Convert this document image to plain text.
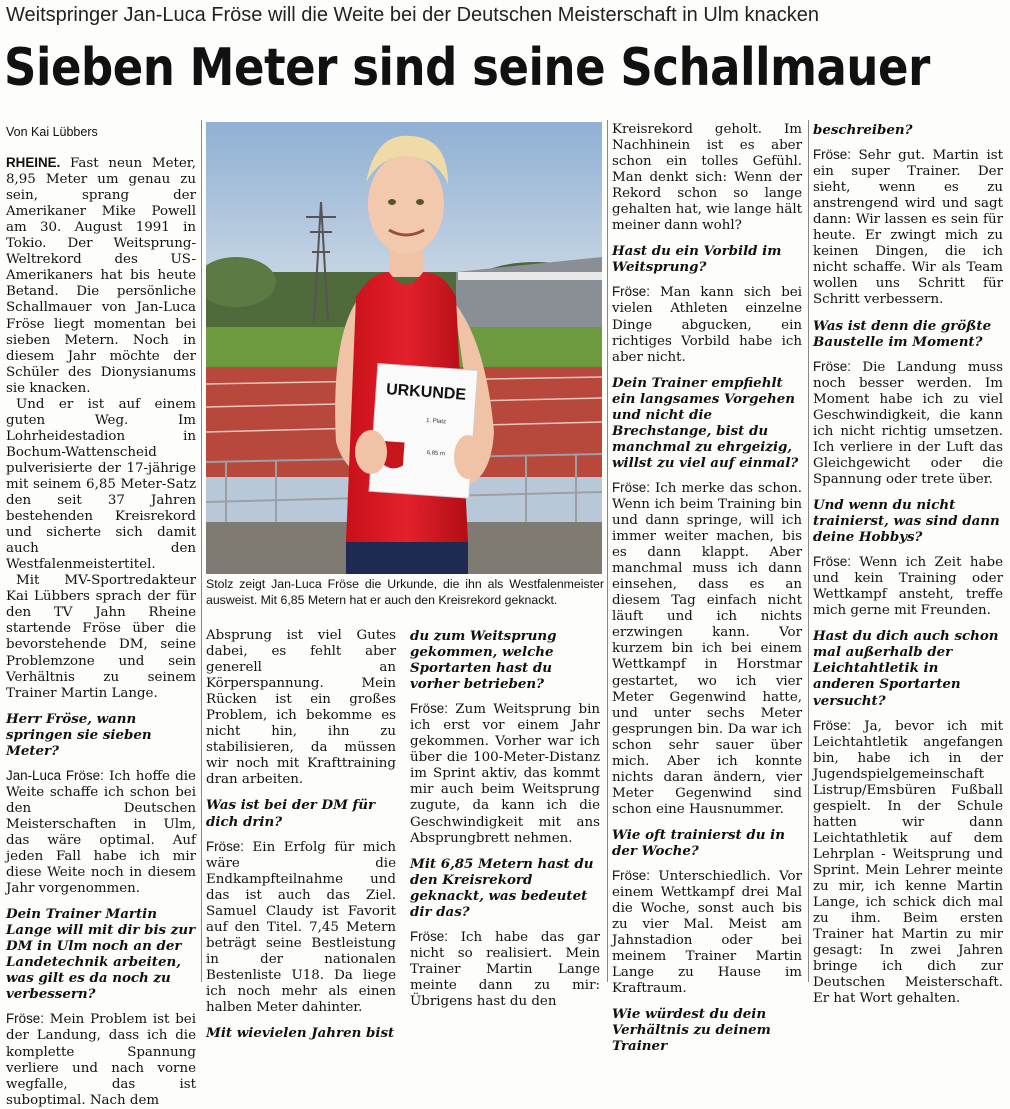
Weitspringer Jan-Luca Fröse will die Weite bei der Deutschen Meisterschaft in Ulm knacken
Sieben Meter sind seine Schallmauer
Von Kai Lübbers

RHEINE. Fast neun Meter, 8,95 Meter um genau zu sein, sprang der Amerikaner Mike Powell am 30. August 1991 in Tokio. Der Weitsprung-Weltrekord des US-Amerikaners hat bis heute Betand. Die persönliche Schallmauer von Jan-Luca Fröse liegt momentan bei sieben Metern. Noch in diesem Jahr möchte der Schüler des Dionysianums sie knacken.

Und er ist auf einem guten Weg. Im Lohrheidestadion in Bochum-Wattenscheid pulverisierte der 17-jährige mit seinem 6,85 Meter-Satz den seit 37 Jahren bestehenden Kreisrekord und sicherte sich damit auch den Westfalenmeistertitel.

Mit MV-Sportredakteur Kai Lübbers sprach der für den TV Jahn Rheine startende Fröse über die bevorstehende DM, seine Problemzone und sein Verhältnis zu seinem Trainer Martin Lange.

Herr Fröse, wann springen sie sieben Meter?

Jan-Luca Fröse: Ich hoffe die Weite schaffe ich schon bei den Deutschen Meisterschaften in Ulm, das wäre optimal. Auf jeden Fall habe ich mir diese Weite noch in diesem Jahr vorgenommen.

Dein Trainer Martin Lange will mit dir bis zur DM in Ulm noch an der Landetechnik arbeiten, was gilt es da noch zu verbessern?

Fröse: Mein Problem ist bei der Landung, dass ich die komplette Spannung verliere und nach vorne wegfalle, das ist suboptimal. Nach dem

URKUNDE
1. Platz
6,85 m
Stolz zeigt Jan-Luca Fröse die Urkunde, die ihn als Westfalenmeister ausweist. Mit 6,85 Metern hat er auch den Kreisrekord geknackt.

Absprung ist viel Gutes dabei, es fehlt aber generell an Körperspannung. Mein Rücken ist ein großes Problem, ich bekomme es nicht hin, ihn zu stabilisieren, da müssen wir noch mit Krafttraining dran arbeiten.

Was ist bei der DM für dich drin?

Fröse: Ein Erfolg für mich wäre die Endkampfteilnahme und das ist auch das Ziel. Samuel Claudy ist Favorit auf den Titel. 7,45 Metern beträgt seine Bestleistung in der nationalen Bestenliste U18. Da liege ich noch mehr als einen halben Meter dahinter.

Mit wievielen Jahren bist

du zum Weitsprung gekommen, welche Sportarten hast du vorher betrieben?

Fröse: Zum Weitsprung bin ich erst vor einem Jahr gekommen. Vorher war ich über die 100-Meter-Distanz im Sprint aktiv, das kommt mir auch beim Weitsprung zugute, da kann ich die Geschwindigkeit mit ans Absprungbrett nehmen.

Mit 6,85 Metern hast du den Kreisrekord geknackt, was bedeutet dir das?

Fröse: Ich habe das gar nicht so realisiert. Mein Trainer Martin Lange meinte dann zu mir: Übrigens hast du den

Kreisrekord geholt. Im Nachhinein ist es aber schon ein tolles Gefühl. Man denkt sich: Wenn der Rekord schon so lange gehalten hat, wie lange hält meiner dann wohl?

Hast du ein Vorbild im Weitsprung?

Fröse: Man kann sich bei vielen Athleten einzelne Dinge abgucken, ein richtiges Vorbild habe ich aber nicht.

Dein Trainer empfiehlt ein langsames Vorgehen und nicht die Brechstange, bist du manchmal zu ehrgeizig, willst zu viel auf einmal?

Fröse: Ich merke das schon. Wenn ich beim Training bin und dann springe, will ich immer weiter machen, bis es dann klappt. Aber manchmal muss ich dann einsehen, dass es an diesem Tag einfach nicht läuft und ich nichts erzwingen kann. Vor kurzem bin ich bei einem Wettkampf in Horstmar gestartet, wo ich vier Meter Gegenwind hatte, und unter sechs Meter gesprungen bin. Da war ich schon sehr sauer über mich. Aber ich konnte nichts daran ändern, vier Meter Gegenwind sind schon eine Hausnummer.

Wie oft trainierst du in der Woche?

Fröse: Unterschiedlich. Vor einem Wettkampf drei Mal die Woche, sonst auch bis zu vier Mal. Meist am Jahnstadion oder bei meinem Trainer Martin Lange zu Hause im Kraftraum.

Wie würdest du dein Verhältnis zu deinem Trainer

beschreiben?

Fröse: Sehr gut. Martin ist ein super Trainer. Der sieht, wenn es zu anstrengend wird und sagt dann: Wir lassen es sein für heute. Er zwingt mich zu keinen Dingen, die ich nicht schaffe. Wir als Team wollen uns Schritt für Schritt verbessern.

Was ist denn die größte Baustelle im Moment?

Fröse: Die Landung muss noch besser werden. Im Moment habe ich zu viel Geschwindigkeit, die kann ich nicht richtig umsetzen. Ich verliere in der Luft das Gleichgewicht oder die Spannung oder trete über.

Und wenn du nicht trainierst, was sind dann deine Hobbys?

Fröse: Wenn ich Zeit habe und kein Training oder Wettkampf ansteht, treffe mich gerne mit Freunden.

Hast du dich auch schon mal außerhalb der Leichtahtletik in anderen Sportarten versucht?

Fröse: Ja, bevor ich mit Leichtahtletik angefangen bin, habe ich in der Jugendspielgemeinschaft Listrup/Emsbüren Fußball gespielt. In der Schule hatten wir dann Leichtathletik auf dem Lehrplan - Weitsprung und Sprint. Mein Lehrer meinte zu mir, ich kenne Martin Lange, ich schick dich mal zu ihm. Beim ersten Trainer hat Martin zu mir gesagt: In zwei Jahren bringe ich dich zur Deutschen Meisterschaft. Er hat Wort gehalten.
